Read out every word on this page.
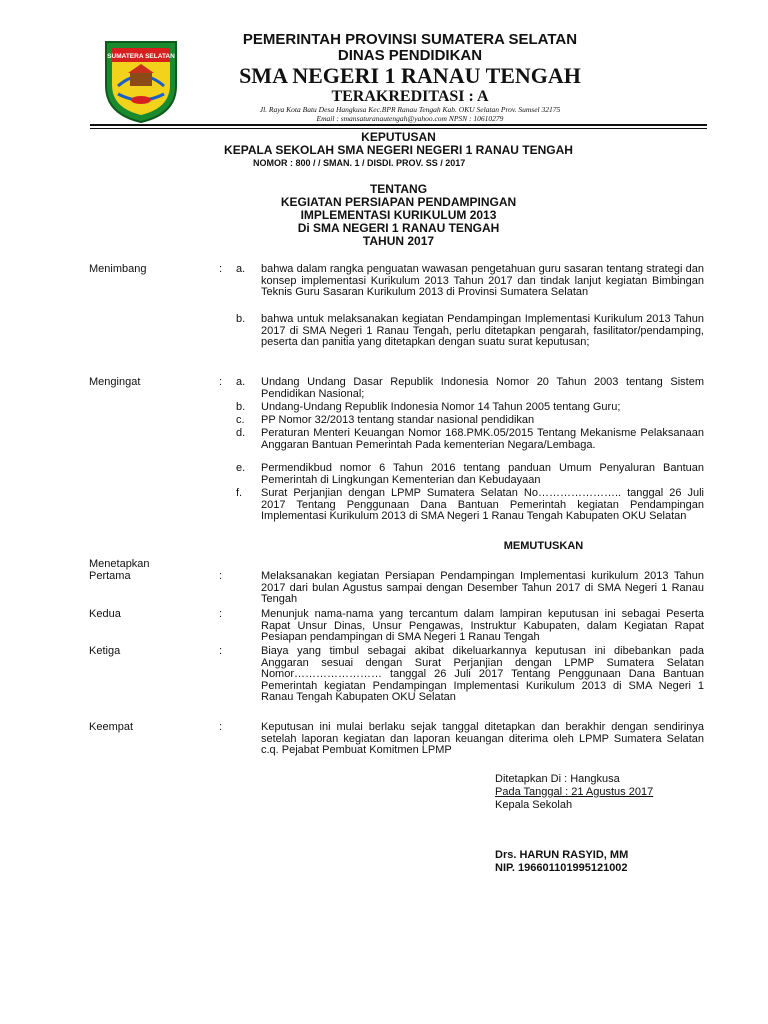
SUMATERA SELATAN
PEMERINTAH PROVINSI SUMATERA SELATAN
DINAS PENDIDIKAN
SMA NEGERI 1 RANAU TENGAH
TERAKREDITASI : A
Jl. Raya Kota Batu Desa Hangkusa Kec.BPR Ranau Tengah Kab. OKU Selatan Prov. Sumsel 32175
Email : smansaturanautengah@yahoo.com NPSN : 10610279
KEPUTUSAN
KEPALA SEKOLAH SMA NEGERI NEGERI 1 RANAU TENGAH
NOMOR : 800 / / SMAN. 1 / DISDI. PROV. SS / 2017
TENTANG
KEGIATAN PERSIAPAN PENDAMPINGAN
IMPLEMENTASI KURIKULUM 2013
Di SMA NEGERI 1 RANAU TENGAH
TAHUN 2017
Menimbang	:	a.	bahwa dalam rangka penguatan wawasan pengetahuan guru sasaran tentang strategi dan konsep implementasi Kurikulum 2013 Tahun 2017 dan tindak lanjut kegiatan Bimbingan Teknis Guru Sasaran Kurikulum 2013 di Provinsi Sumatera Selatan
b.	bahwa untuk melaksanakan kegiatan Pendampingan Implementasi Kurikulum 2013 Tahun 2017 di SMA Negeri 1 Ranau Tengah, perlu ditetapkan pengarah, fasilitator/pendamping, peserta dan panitia yang ditetapkan dengan suatu surat keputusan;
Mengingat	:	a.	Undang Undang Dasar Republik Indonesia Nomor 20 Tahun 2003 tentang Sistem Pendidikan Nasional;
b.	Undang-Undang Republik Indonesia Nomor 14 Tahun 2005 tentang Guru;
c.	PP Nomor 32/2013 tentang standar nasional pendidikan
d.	Peraturan Menteri Keuangan Nomor 168.PMK.05/2015 Tentang Mekanisme Pelaksanaan Anggaran Bantuan Pemerintah Pada kementerian Negara/Lembaga.
e.	Permendikbud nomor 6 Tahun 2016 tentang panduan Umum Penyaluran Bantuan Pemerintah di Lingkungan Kementerian dan Kebudayaan
f.	Surat Perjanjian dengan LPMP Sumatera Selatan No………………….. tanggal 26 Juli 2017 Tentang Penggunaan Dana Bantuan Pemerintah kegiatan Pendampingan Implementasi Kurikulum 2013 di SMA Negeri 1 Ranau Tengah Kabupaten OKU Selatan
MEMUTUSKAN
Menetapkan
Pertama	:	Melaksanakan kegiatan Persiapan Pendampingan Implementasi kurikulum 2013 Tahun 2017 dari bulan Agustus sampai dengan Desember Tahun 2017 di SMA Negeri 1 Ranau Tengah
Kedua	:	Menunjuk nama-nama yang tercantum dalam lampiran keputusan ini sebagai Peserta Rapat Unsur Dinas, Unsur Pengawas, Instruktur Kabupaten, dalam Kegiatan Rapat Pesiapan pendampingan di SMA Negeri 1 Ranau Tengah
Ketiga	:	Biaya yang timbul sebagai akibat dikeluarkannya keputusan ini dibebankan pada Anggaran sesuai dengan Surat Perjanjian dengan LPMP Sumatera Selatan Nomor…………………… tanggal 26 Juli 2017 Tentang Penggunaan Dana Bantuan Pemerintah kegiatan Pendampingan Implementasi Kurikulum 2013 di SMA Negeri 1 Ranau Tengah Kabupaten OKU Selatan
Keempat	:	Keputusan ini mulai berlaku sejak tanggal ditetapkan dan berakhir dengan sendirinya setelah laporan kegiatan dan laporan keuangan diterima oleh LPMP Sumatera Selatan c.q. Pejabat Pembuat Komitmen LPMP
Ditetapkan Di : Hangkusa
Pada Tanggal : 21 Agustus 2017
Kepala Sekolah
Drs. HARUN RASYID, MM
NIP. 196601101995121002
